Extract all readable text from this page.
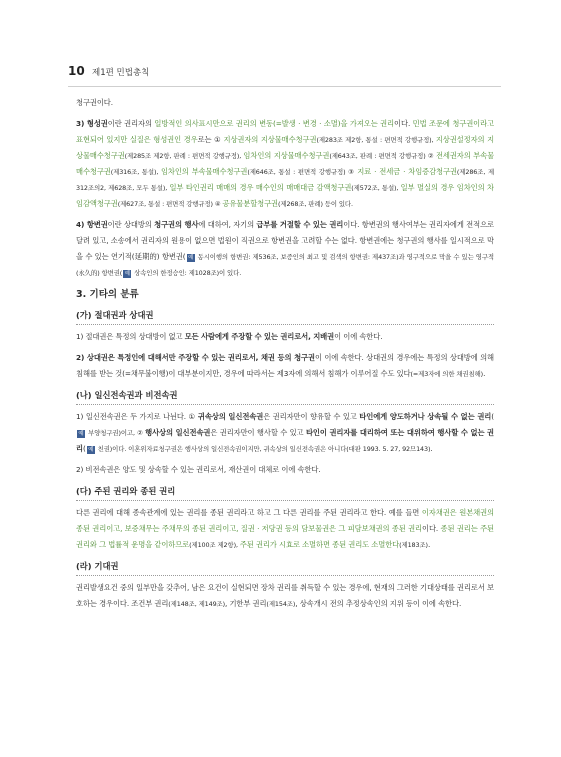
10 제1편 민법총칙

청구권이다.

3) 형성권이란 권리자의 일방적인 의사표시만으로 권리의 변동(=발생 · 변경 · 소멸)을 가져오는 권리이다. 민법 조문에 청구권이라고 표현되어 있지만 실질은 형성권인 경우로는 ① 지상권자의 지상물매수청구권(제283조 제2항, 통설 : 편면적 강행규정), 지상권설정자의 지상물매수청구권(제285조 제2항, 판례 : 편면적 강행규정), 임차인의 지상물매수청구권(제643조, 판례 : 편면적 강행규정) ② 전세권자의 부속물매수청구권(제316조, 통설), 임차인의 부속물매수청구권(제646조, 통설 : 편면적 강행규정) ③ 지료 · 전세금 · 차임증감청구권(제286조, 제312조의2, 제628조, 모두 통설), 일부 타인권리 매매의 경우 매수인의 매매대금 감액청구권(제572조, 통설), 일부 멸실의 경우 임차인의 차임감액청구권(제627조, 통설 : 편면적 강행규정) ④ 공유물분할청구권(제268조, 판례) 등이 있다.

4) 항변권이란 상대방의 청구권의 행사에 대하여, 자기의 급부를 거절할 수 있는 권리이다. 항변권의 행사여부는 권리자에게 전적으로 달려 있고, 소송에서 권리자의 원용이 없으면 법원이 직권으로 항변권을 고려할 수는 없다. 항변권에는 청구권의 행사를 일시적으로 막을 수 있는 연기적(延期的) 항변권( 예 동시이행의 항변권: 제536조, 보증인의 최고 및 검색의 항변권: 제437조)과 영구적으로 막을 수 있는 영구적(永久的) 항변권( 예 상속인의 한정승인: 제1028조)이 있다.

3. 기타의 분류
(가) 절대권과 상대권

1) 절대권은 특정의 상대방이 없고 모든 사람에게 주장할 수 있는 권리로서, 지배권이 이에 속한다.

2) 상대권은 특정인에 대해서만 주장할 수 있는 권리로서, 채권 등의 청구권이 이에 속한다. 상대권의 경우에는 특정의 상대방에 의해 침해를 받는 것(=채무불이행)이 대부분이지만, 경우에 따라서는 제3자에 의해서 침해가 이루어질 수도 있다(=제3자에 의한 채권침해).

(나) 일신전속권과 비전속권

1) 일신전속권은 두 가지로 나뉜다. ① 귀속상의 일신전속권은 권리자만이 향유할 수 있고 타인에게 양도하거나 상속될 수 없는 권리(예 부양청구권)이고, ② 행사상의 일신전속권은 권리자만이 행사할 수 있고 타인이 권리자를 대리하여 또는 대위하여 행사할 수 없는 권리( 예 친권)이다. 이혼위자료청구권은 행사상의 일신전속권이지만, 귀속상의 일신전속권은 아니다(대판 1993. 5. 27, 92므143).

2) 비전속권은 양도 및 상속할 수 있는 권리로서, 재산권이 대체로 이에 속한다.

(다) 주된 권리와 종된 권리

다른 권리에 대해 종속관계에 있는 권리를 종된 권리라고 하고 그 다른 권리를 주된 권리라고 한다. 예를 들면 이자채권은 원본채권의 종된 권리이고, 보증채무는 주채무의 종된 권리이고, 질권 · 저당권 등의 담보물권은 그 피담보채권의 종된 권리이다. 종된 권리는 주된 권리와 그 법률적 운명을 같이하므로(제100조 제2항), 주된 권리가 시효로 소멸하면 종된 권리도 소멸한다(제183조).

(라) 기대권

권리발생요건 중의 일부만을 갖추어, 남은 요건이 실현되면 장차 권리를 취득할 수 있는 경우에, 현재의 그러한 기대상태를 권리로서 보호하는 경우이다. 조건부 권리(제148조, 제149조), 기한부 권리(제154조), 상속개시 전의 추정상속인의 지위 등이 이에 속한다.
